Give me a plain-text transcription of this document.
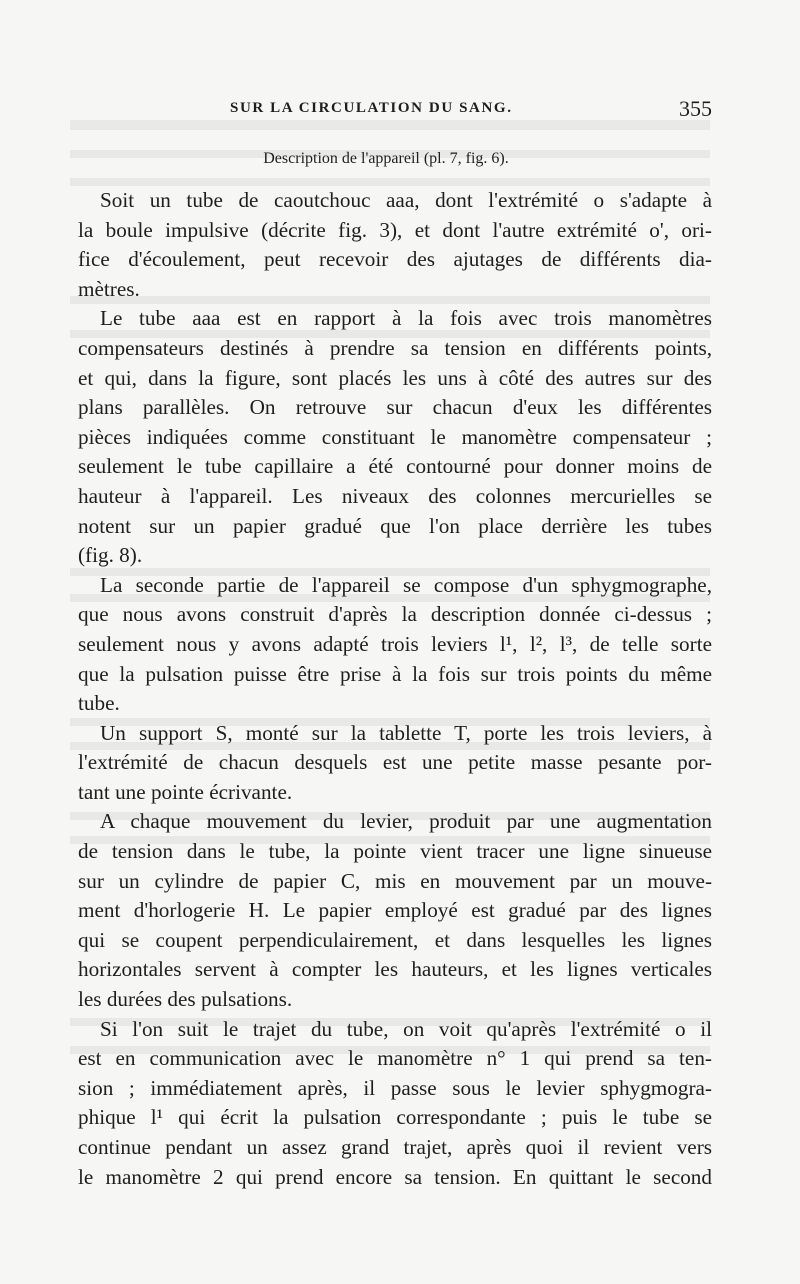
SUR LA CIRCULATION DU SANG.	355
Description de l'appareil (pl. 7, fig. 6).
Soit un tube de caoutchouc aaa, dont l'extrémité o s'adapte à
la boule impulsive (décrite fig. 3), et dont l'autre extrémité o', ori-
fice d'écoulement, peut recevoir des ajutages de différents dia-
mètres.
Le tube aaa est en rapport à la fois avec trois manomètres
compensateurs destinés à prendre sa tension en différents points,
et qui, dans la figure, sont placés les uns à côté des autres sur des
plans parallèles. On retrouve sur chacun d'eux les différentes
pièces indiquées comme constituant le manomètre compensateur ;
seulement le tube capillaire a été contourné pour donner moins de
hauteur à l'appareil. Les niveaux des colonnes mercurielles se
notent sur un papier gradué que l'on place derrière les tubes
(fig. 8).
La seconde partie de l'appareil se compose d'un sphygmographe,
que nous avons construit d'après la description donnée ci-dessus ;
seulement nous y avons adapté trois leviers l¹, l², l³, de telle sorte
que la pulsation puisse être prise à la fois sur trois points du même
tube.
Un support S, monté sur la tablette T, porte les trois leviers, à
l'extrémité de chacun desquels est une petite masse pesante por-
tant une pointe écrivante.
A chaque mouvement du levier, produit par une augmentation
de tension dans le tube, la pointe vient tracer une ligne sinueuse
sur un cylindre de papier C, mis en mouvement par un mouve-
ment d'horlogerie H. Le papier employé est gradué par des lignes
qui se coupent perpendiculairement, et dans lesquelles les lignes
horizontales servent à compter les hauteurs, et les lignes verticales
les durées des pulsations.
Si l'on suit le trajet du tube, on voit qu'après l'extrémité o il
est en communication avec le manomètre n° 1 qui prend sa ten-
sion ; immédiatement après, il passe sous le levier sphygmogra-
phique l¹ qui écrit la pulsation correspondante ; puis le tube se
continue pendant un assez grand trajet, après quoi il revient vers
le manomètre 2 qui prend encore sa tension. En quittant le second
